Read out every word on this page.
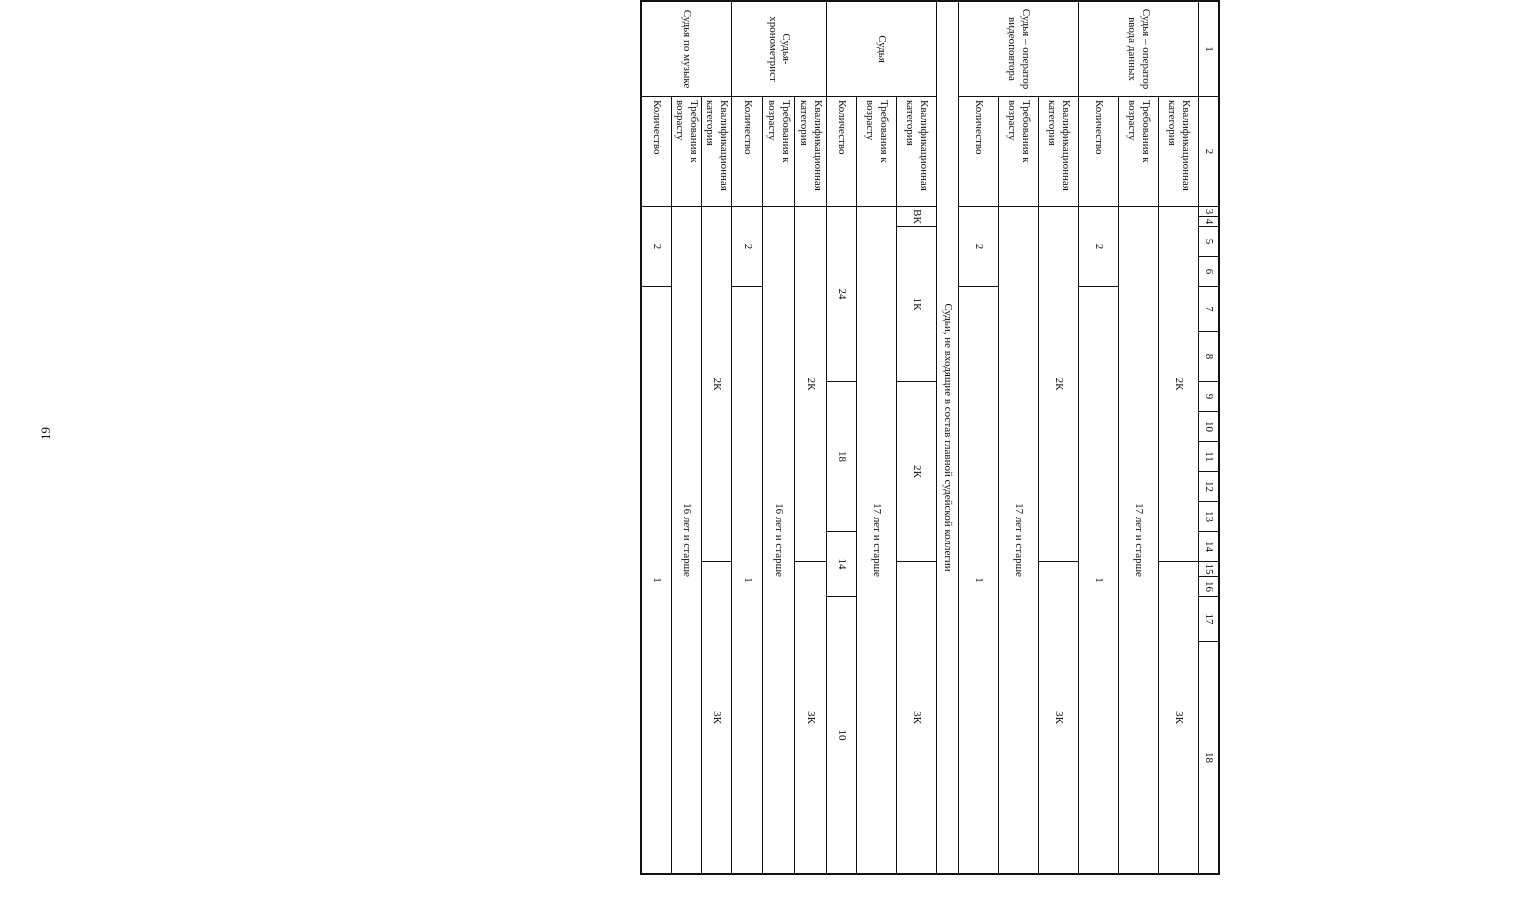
19
1
2
3
4
5
6
7
8
9
10
11
12
13
14
15
16
17
18
Судья – оператор ввода данных
Квалификационная категория
2К
3К
Требования к возрасту
17 лет и старше
Количество
2
1
Судья – оператор видеоповтора
Квалификационная категория
2К
3К
Требования к возрасту
17 лет и старше
Количество
2
1
Судьи, не входящие в состав главной судейской коллегии
Судья
Квалификационная категория
ВК
1К
2К
3К
Требования к возрасту
17 лет и старше
Количество
24
18
14
10
Судья-хронометрист
Квалификационная категория
2К
3К
Требования к возрасту
16 лет и старше
Количество
2
1
Судья по музыке
Квалификационная категория
2К
3К
Требования к возрасту
16 лет и старше
Количество
2
1
